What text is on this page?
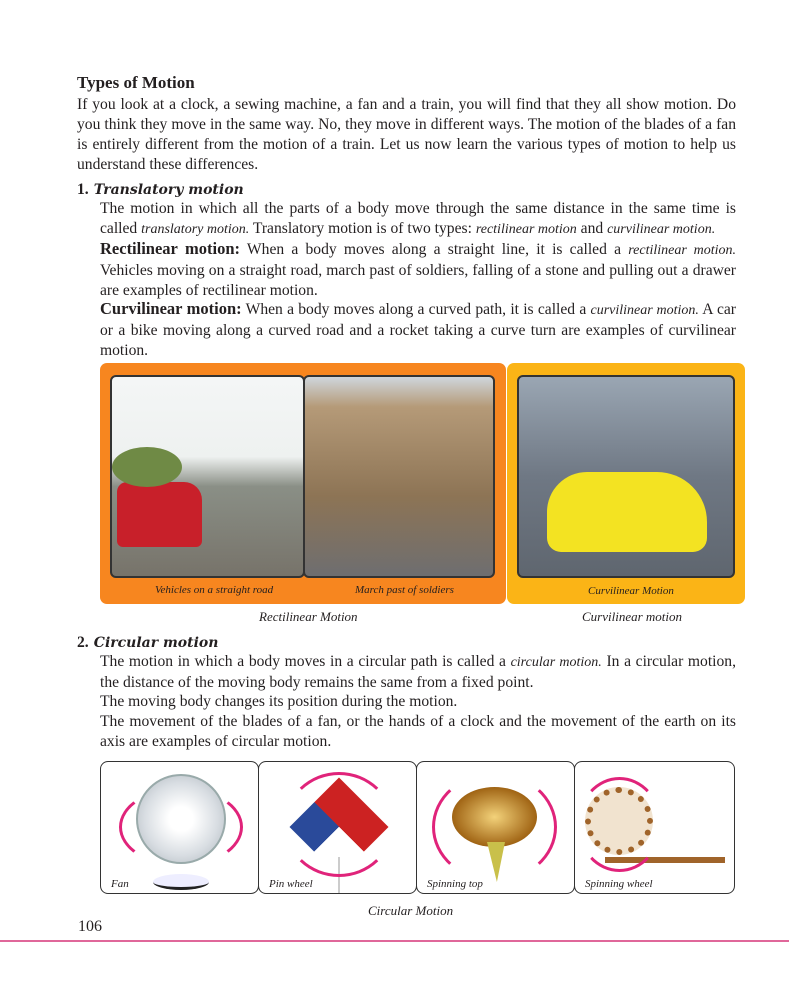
Types of Motion

If you look at a clock, a sewing machine, a fan and a train, you will find that they all show motion. Do you think they move in the same way. No, they move in different ways. The motion of the blades of a fan is entirely different from the motion of a train. Let us now learn the various types of motion to help us understand these differences.

1. Translatory motion

The motion in which all the parts of a body move through the same distance in the same time is called translatory motion. Translatory motion is of two types: rectilinear motion and curvilinear motion.

Rectilinear motion: When a body moves along a straight line, it is called a rectilinear motion. Vehicles moving on a straight road, march past of soldiers, falling of a stone and pulling out a drawer are examples of rectilinear motion.

Curvilinear motion: When a body moves along a curved path, it is called a curvilinear motion. A car or a bike moving along a curved road and a rocket taking a curve turn are examples of curvilinear motion.

Vehicles on a straight road	March past of soldiers	Curvilinear Motion
Rectilinear Motion	Curvilinear motion
2. Circular motion

The motion in which a body moves in a circular path is called a circular motion. In a circular motion, the distance of the moving body remains the same from a fixed point.

The moving body changes its position during the motion.

The movement of the blades of a fan, or the hands of a clock and the movement of the earth on its axis are examples of circular motion.

Fan	Pin wheel	Spinning top	Spinning wheel
Circular Motion
106
